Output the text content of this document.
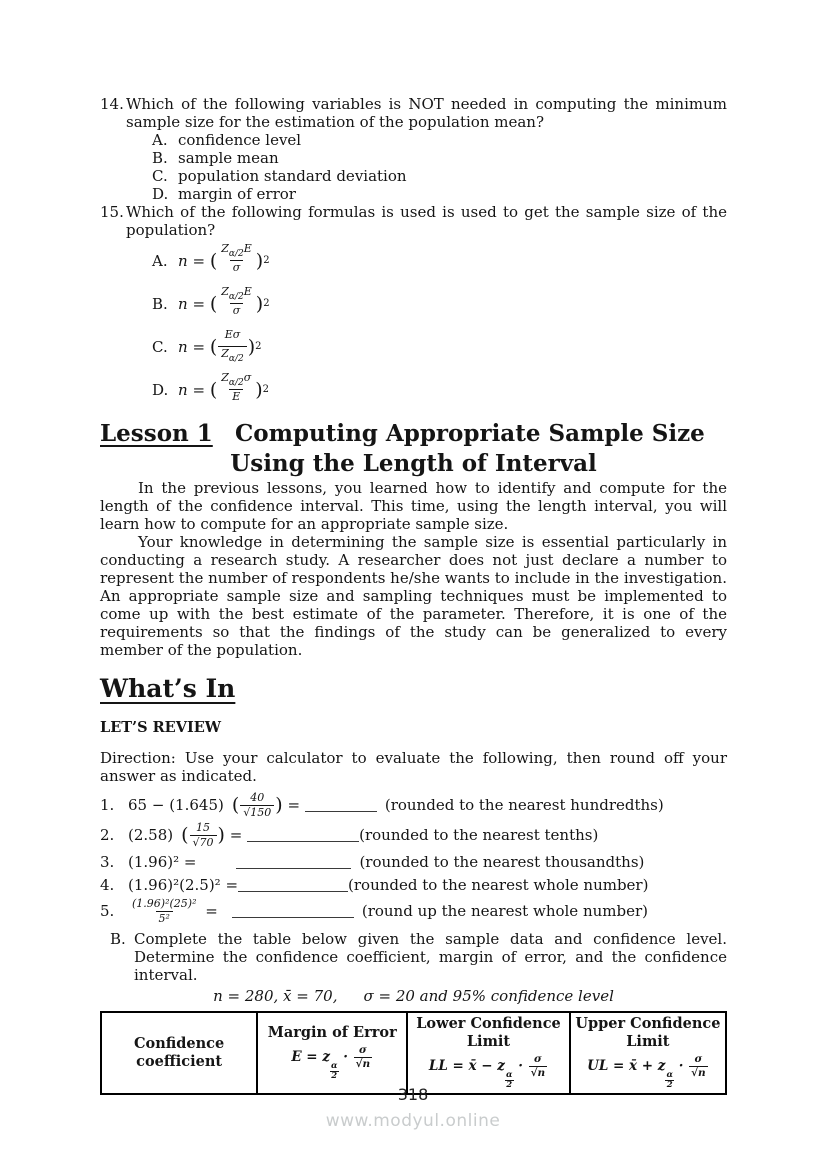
14. Which of the following variables is NOT needed in computing the minimum sample size for the estimation of the population mean?
A. confidence level
B. sample mean
C. population standard deviation
D. margin of error
15. Which of the following formulas is used is used to get the sample size of the population?
A. n
=
(
$Z_{\alpha/2}E$
σ ) 2
B. n
=
(
$Z_{\alpha/2}E$
σ ) 2
C. n
=
(
Eσ
$Z_{\alpha/2}$
) 2
D. n
=
(
$Z_{\alpha/2}\sigma$
E ) 2
Lesson 1 Computing Appropriate Sample Size
Using the Length of Interval

In the previous lessons, you learned how to identify and compute for the length of the confidence interval. This time, using the length interval, you will learn how to compute for an appropriate sample size.

Your knowledge in determining the sample size is essential particularly in conducting a research study. A researcher does not just declare a number to represent the number of respondents he/she wants to include in the investigation. An appropriate sample size and sampling techniques must be implemented to come up with the best estimate of the parameter. Therefore, it is one of the requirements so that the findings of the study can be generalized to every member of the population.

What’s In
LET’S REVIEW

Direction: Use your calculator to evaluate the following, then round off your answer as indicated.

1. 65 − (1.645) ( 40
√150 )
=
	(rounded to the nearest hundredths)
2. (2.58) ( 15
√70 )
=
	(rounded to the nearest tenths)
3. (1.96)² =	(rounded to the nearest thousandths)
4. (1.96)²(2.5)² =	(rounded to the nearest whole number)
5.	$\frac{\text{(1.96)²(25)²}}{\text{5²}}$
=	(round up the nearest whole number)
B. Complete the table below given the sample data and confidence level. Determine the confidence coefficient, margin of error, and the confidence interval.
n = 280, x̄ = 70, σ = 20 and 95% confidence level
Confidence
coefficient

Margin of Error
E = z
$\frac{\alpha}{2}$
· $\frac{\sigma}{√n}$

Lower Confidence
Limit
LL = x̄ − z
$\frac{\alpha}{2}$
· $\frac{\sigma}{√n}$

Upper Confidence
Limit
UL = x̄ + z
$\frac{\alpha}{2}$
· $\frac{\sigma}{√n}$
318
www.modyul.online
